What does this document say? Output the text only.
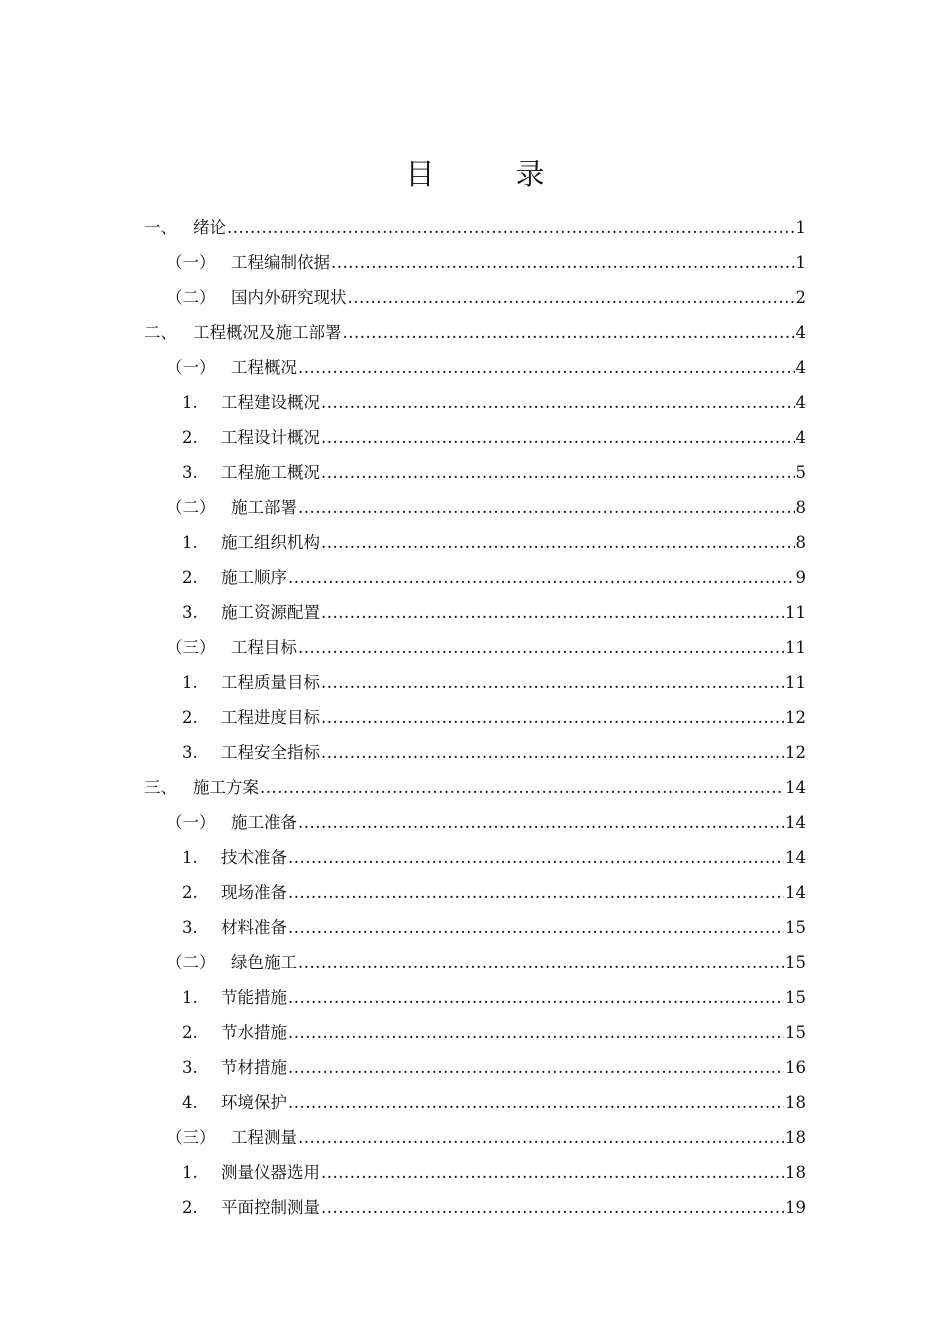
目　录
一、 绪论 .....	1
（一） 工程编制依据 .....	1
（二） 国内外研究现状 .....	2
二、 工程概况及施工部署 .....	4
（一） 工程概况 .....	4
1. 工程建设概况 .....	4
2. 工程设计概况 .....	4
3. 工程施工概况 .....	5
（二） 施工部署 .....	8
1. 施工组织机构 .....	8
2. 施工顺序 .....	9
3. 施工资源配置 .....	11
（三） 工程目标 .....	11
1. 工程质量目标 .....	11
2. 工程进度目标 .....	12
3. 工程安全指标 .....	12
三、 施工方案 .....	14
（一） 施工准备 .....	14
1. 技术准备 .....	14
2. 现场准备 .....	14
3. 材料准备 .....	15
（二） 绿色施工 .....	15
1. 节能措施 .....	15
2. 节水措施 .....	15
3. 节材措施 .....	16
4. 环境保护 .....	18
（三） 工程测量 .....	18
1. 测量仪器选用 .....	18
2. 平面控制测量 .....	19
